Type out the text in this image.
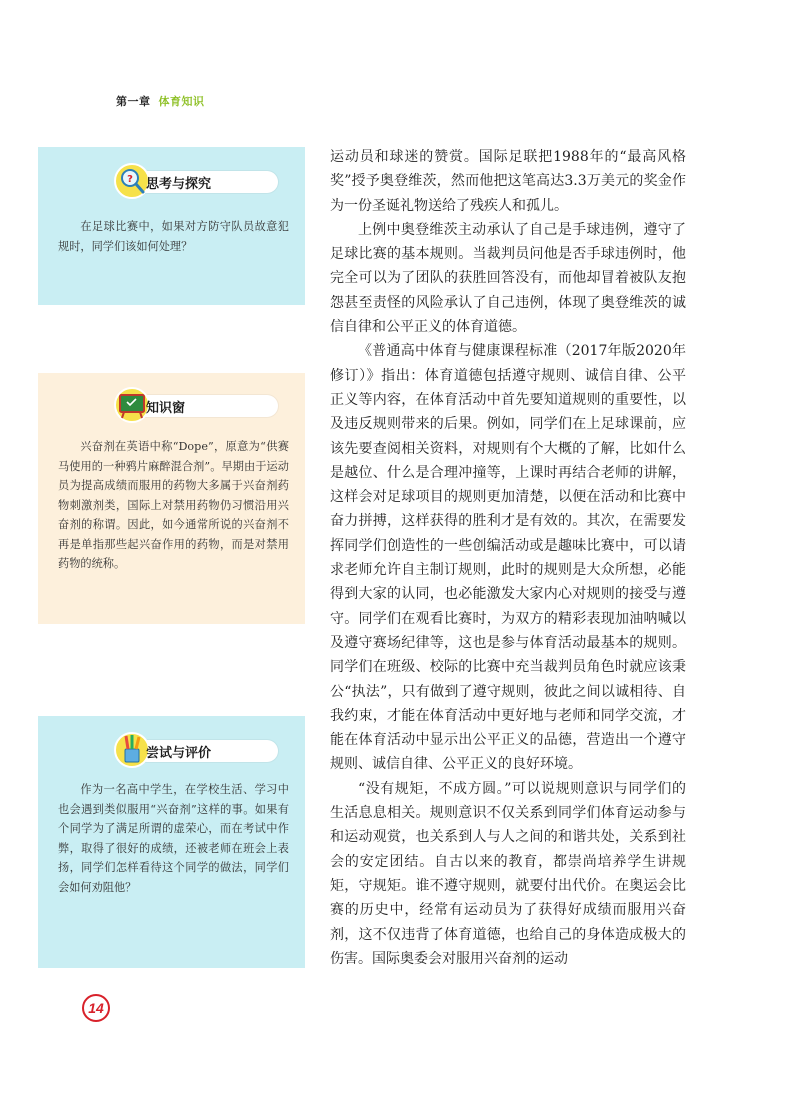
第一章 体育知识
? 思考与探究
在足球比赛中，如果对方防守队员故意犯规时，同学们该如何处理？
知识窗
兴奋剂在英语中称“Dope”，原意为“供赛马使用的一种鸦片麻醉混合剂”。早期由于运动员为提高成绩而服用的药物大多属于兴奋剂药物刺激剂类，国际上对禁用药物仍习惯沿用兴奋剂的称谓。因此，如今通常所说的兴奋剂不再是单指那些起兴奋作用的药物，而是对禁用药物的统称。
尝试与评价
作为一名高中学生，在学校生活、学习中也会遇到类似服用“兴奋剂”这样的事。如果有个同学为了满足所谓的虚荣心，而在考试中作弊，取得了很好的成绩，还被老师在班会上表扬，同学们怎样看待这个同学的做法，同学们会如何劝阻他？

运动员和球迷的赞赏。国际足联把1988年的“最高风格奖”授予奥登维茨，然而他把这笔高达3.3万美元的奖金作为一份圣诞礼物送给了残疾人和孤儿。

上例中奥登维茨主动承认了自己是手球违例，遵守了足球比赛的基本规则。当裁判员问他是否手球违例时，他完全可以为了团队的获胜回答没有，而他却冒着被队友抱怨甚至责怪的风险承认了自己违例，体现了奥登维茨的诚信自律和公平正义的体育道德。

《普通高中体育与健康课程标准（2017年版2020年修订）》指出：体育道德包括遵守规则、诚信自律、公平正义等内容，在体育活动中首先要知道规则的重要性，以及违反规则带来的后果。例如，同学们在上足球课前，应该先要查阅相关资料，对规则有个大概的了解，比如什么是越位、什么是合理冲撞等，上课时再结合老师的讲解，这样会对足球项目的规则更加清楚，以便在活动和比赛中奋力拼搏，这样获得的胜利才是有效的。其次，在需要发挥同学们创造性的一些创编活动或是趣味比赛中，可以请求老师允许自主制订规则，此时的规则是大众所想，必能得到大家的认同，也必能激发大家内心对规则的接受与遵守。同学们在观看比赛时，为双方的精彩表现加油呐喊以及遵守赛场纪律等，这也是参与体育活动最基本的规则。同学们在班级、校际的比赛中充当裁判员角色时就应该秉公“执法”，只有做到了遵守规则，彼此之间以诚相待、自我约束，才能在体育活动中更好地与老师和同学交流，才能在体育活动中显示出公平正义的品德，营造出一个遵守规则、诚信自律、公平正义的良好环境。

“没有规矩，不成方圆。”可以说规则意识与同学们的生活息息相关。规则意识不仅关系到同学们体育运动参与和运动观赏，也关系到人与人之间的和谐共处，关系到社会的安定团结。自古以来的教育，都崇尚培养学生讲规矩，守规矩。谁不遵守规则，就要付出代价。在奥运会比赛的历史中，经常有运动员为了获得好成绩而服用兴奋剂，这不仅违背了体育道德，也给自己的身体造成极大的伤害。国际奥委会对服用兴奋剂的运动

14
